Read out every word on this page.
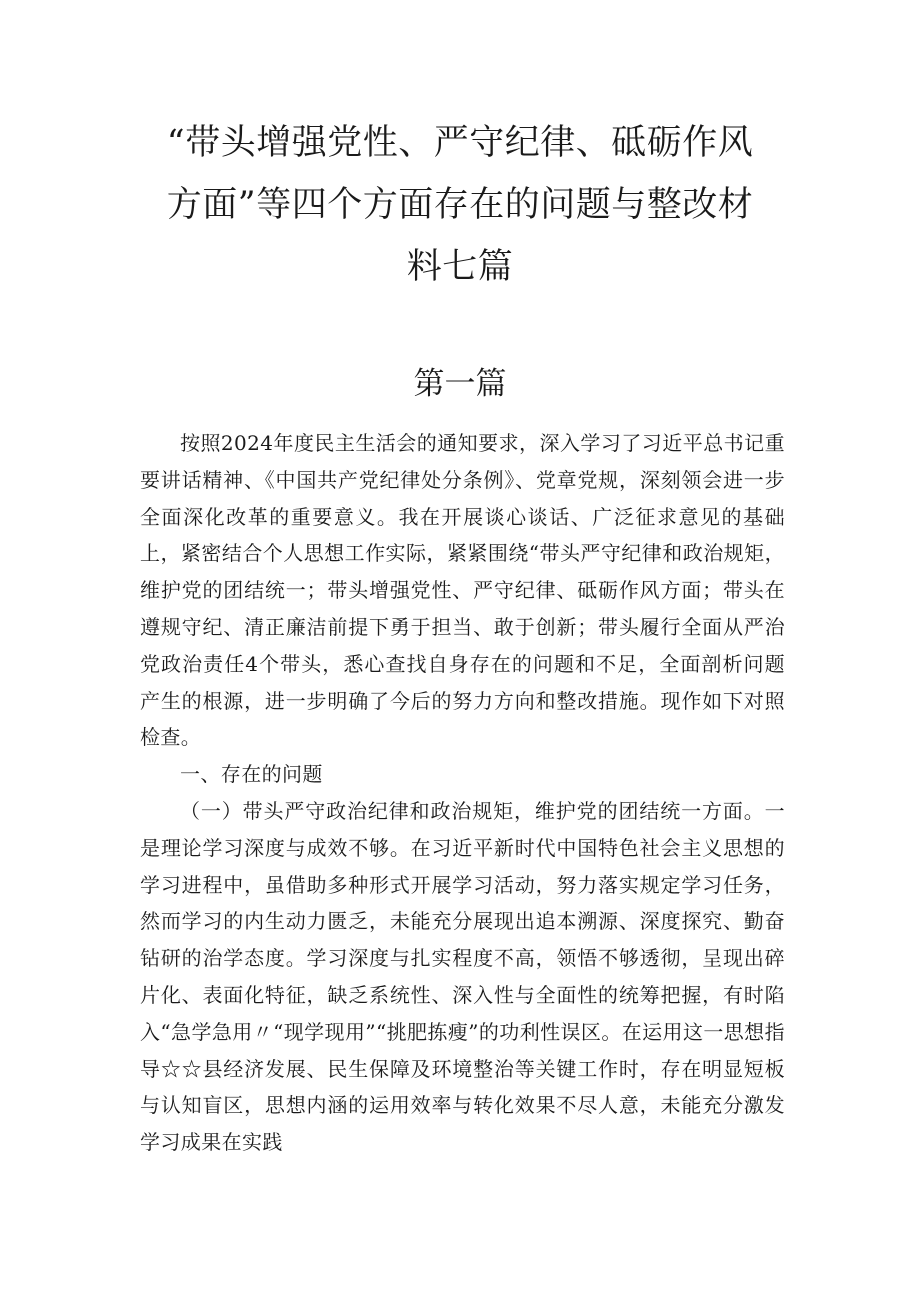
“带头增强党性、严守纪律、砥砺作风方面”等四个方面存在的问题与整改材料七篇
第一篇

按照2024年度民主生活会的通知要求，深入学习了习近平总书记重要讲话精神、《中国共产党纪律处分条例》、党章党规，深刻领会进一步全面深化改革的重要意义。我在开展谈心谈话、广泛征求意见的基础上，紧密结合个人思想工作实际，紧紧围绕“带头严守纪律和政治规矩，维护党的团结统一；带头增强党性、严守纪律、砥砺作风方面；带头在遵规守纪、清正廉洁前提下勇于担当、敢于创新；带头履行全面从严治党政治责任4个带头，悉心查找自身存在的问题和不足，全面剖析问题产生的根源，进一步明确了今后的努力方向和整改措施。现作如下对照检查。

一、存在的问题

（一）带头严守政治纪律和政治规矩，维护党的团结统一方面。一是理论学习深度与成效不够。在习近平新时代中国特色社会主义思想的学习进程中，虽借助多种形式开展学习活动，努力落实规定学习任务，然而学习的内生动力匮乏，未能充分展现出追本溯源、深度探究、勤奋钻研的治学态度。学习深度与扎实程度不高，领悟不够透彻，呈现出碎片化、表面化特征，缺乏系统性、深入性与全面性的统筹把握，有时陷入“急学急用〃“现学现用”“挑肥拣瘦”的功利性误区。在运用这一思想指导☆☆县经济发展、民生保障及环境整治等关键工作时，存在明显短板与认知盲区，思想内涵的运用效率与转化效果不尽人意，未能充分激发学习成果在实践
